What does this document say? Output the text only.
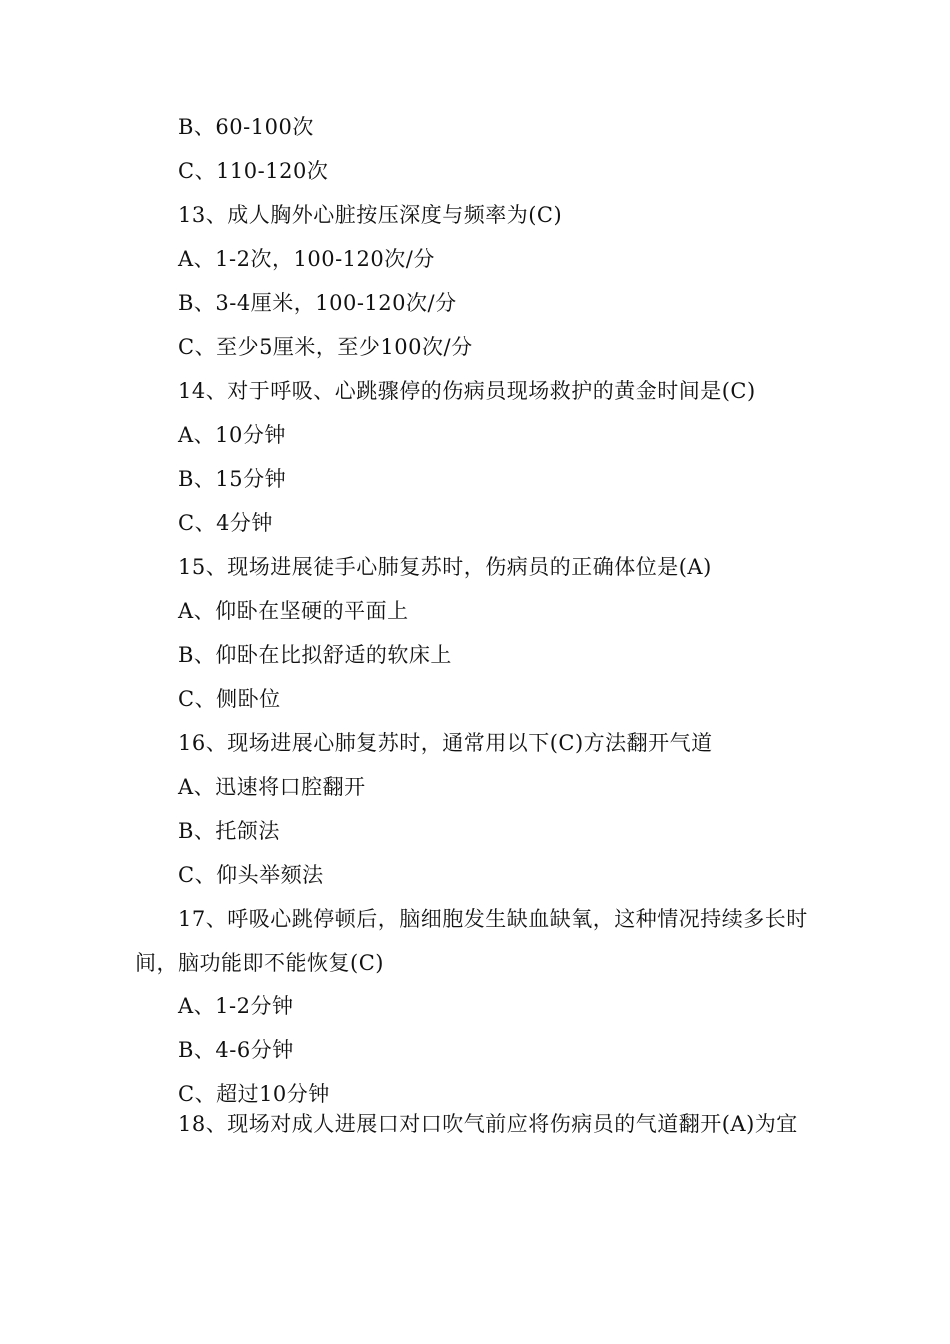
B、60-100次
C、110-120次
13、成人胸外心脏按压深度与频率为(C)
A、1-2次，100-120次/分
B、3-4厘米，100-120次/分
C、至少5厘米，至少100次/分
14、对于呼吸、心跳骤停的伤病员现场救护的黄金时间是(C)
A、10分钟
B、15分钟
C、4分钟
15、现场进展徒手心肺复苏时，伤病员的正确体位是(A)
A、仰卧在坚硬的平面上
B、仰卧在比拟舒适的软床上
C、侧卧位
16、现场进展心肺复苏时，通常用以下(C)方法翻开气道
A、迅速将口腔翻开
B、托颌法
C、仰头举颏法
17、呼吸心跳停顿后，脑细胞发生缺血缺氧，这种情况持续多长时间，脑功能即不能恢复(C)
A、1-2分钟
B、4-6分钟
C、超过10分钟
18、现场对成人进展口对口吹气前应将伤病员的气道翻开(A)为宜
